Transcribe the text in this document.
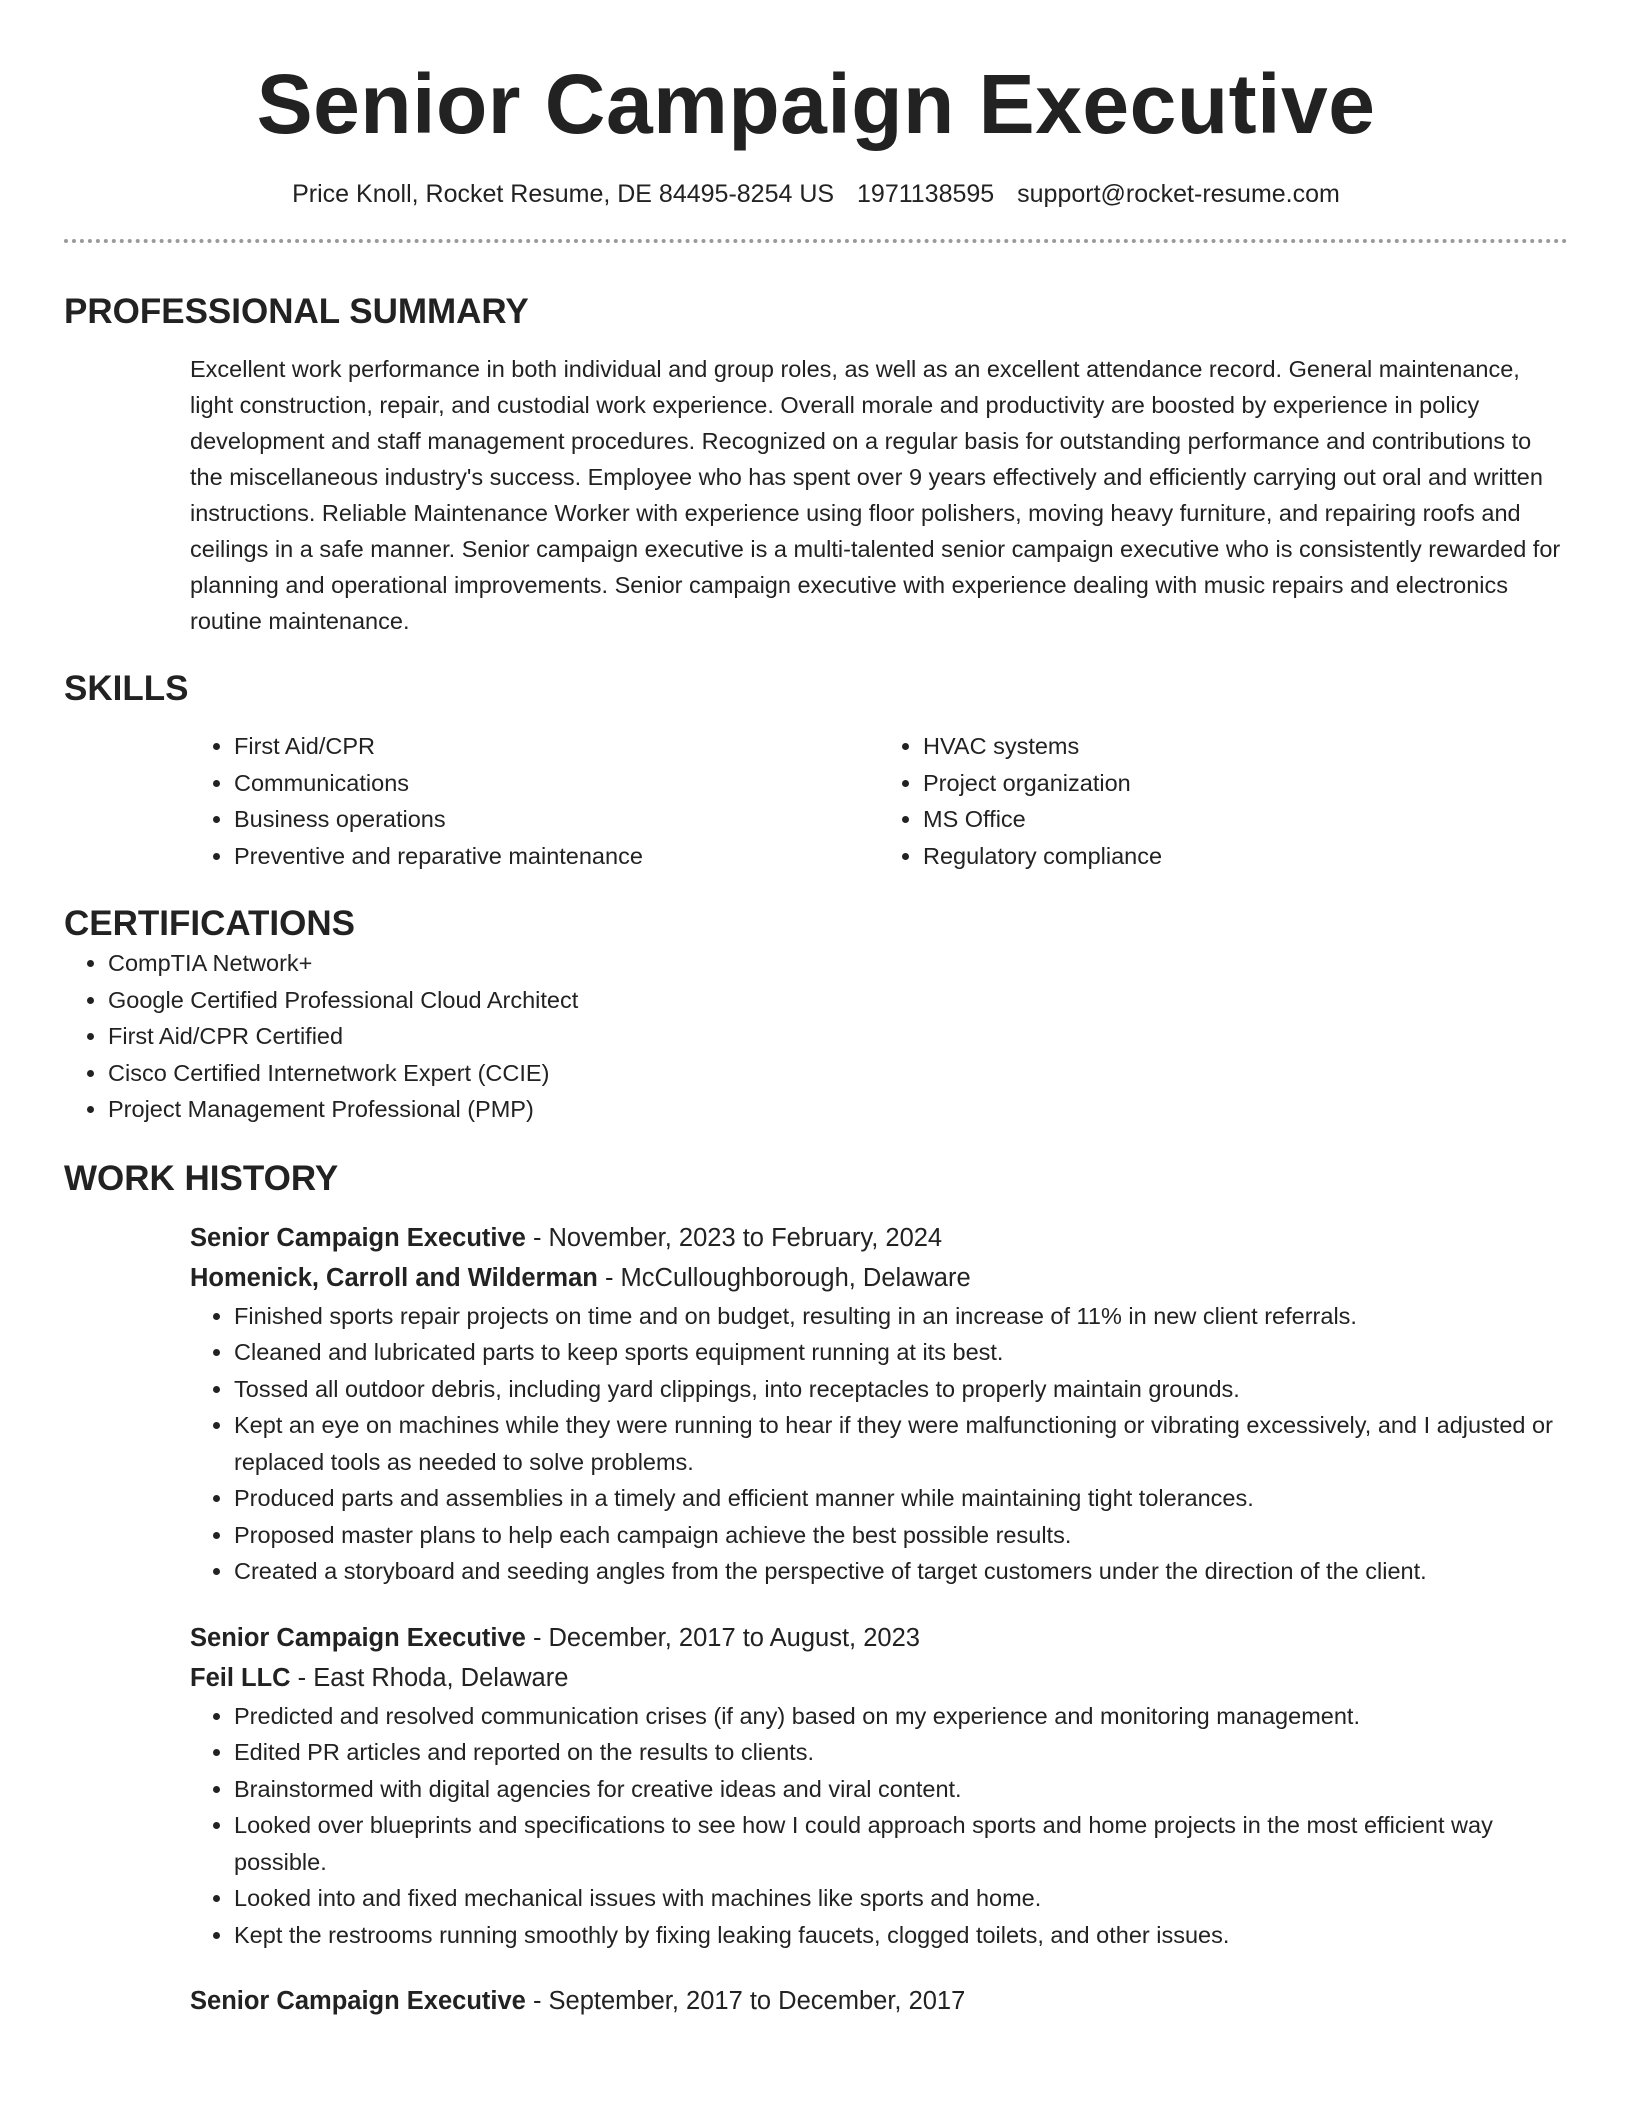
Senior Campaign Executive
Price Knoll, Rocket Resume, DE 84495-8254 US 1971138595 support@rocket-resume.com
PROFESSIONAL SUMMARY

Excellent work performance in both individual and group roles, as well as an excellent attendance record. General maintenance, light construction, repair, and custodial work experience. Overall morale and productivity are boosted by experience in policy development and staff management procedures. Recognized on a regular basis for outstanding performance and contributions to the miscellaneous industry's success. Employee who has spent over 9 years effectively and efficiently carrying out oral and written instructions. Reliable Maintenance Worker with experience using floor polishers, moving heavy furniture, and repairing roofs and ceilings in a safe manner. Senior campaign executive is a multi-talented senior campaign executive who is consistently rewarded for planning and operational improvements. Senior campaign executive with experience dealing with music repairs and electronics routine maintenance.

SKILLS
• First Aid/CPR
• Communications
• Business operations
• Preventive and reparative maintenance
• HVAC systems
• Project organization
• MS Office
• Regulatory compliance
CERTIFICATIONS
• CompTIA Network+
• Google Certified Professional Cloud Architect
• First Aid/CPR Certified
• Cisco Certified Internetwork Expert (CCIE)
• Project Management Professional (PMP)
WORK HISTORY
Senior Campaign Executive - November, 2023 to February, 2024
Homenick, Carroll and Wilderman - McCulloughborough, Delaware
• Finished sports repair projects on time and on budget, resulting in an increase of 11% in new client referrals.
• Cleaned and lubricated parts to keep sports equipment running at its best.
• Tossed all outdoor debris, including yard clippings, into receptacles to properly maintain grounds.
• Kept an eye on machines while they were running to hear if they were malfunctioning or vibrating excessively, and I adjusted or replaced tools as needed to solve problems.
• Produced parts and assemblies in a timely and efficient manner while maintaining tight tolerances.
• Proposed master plans to help each campaign achieve the best possible results.
• Created a storyboard and seeding angles from the perspective of target customers under the direction of the client.
Senior Campaign Executive - December, 2017 to August, 2023
Feil LLC - East Rhoda, Delaware
• Predicted and resolved communication crises (if any) based on my experience and monitoring management.
• Edited PR articles and reported on the results to clients.
• Brainstormed with digital agencies for creative ideas and viral content.
• Looked over blueprints and specifications to see how I could approach sports and home projects in the most efficient way possible.
• Looked into and fixed mechanical issues with machines like sports and home.
• Kept the restrooms running smoothly by fixing leaking faucets, clogged toilets, and other issues.
Senior Campaign Executive - September, 2017 to December, 2017
